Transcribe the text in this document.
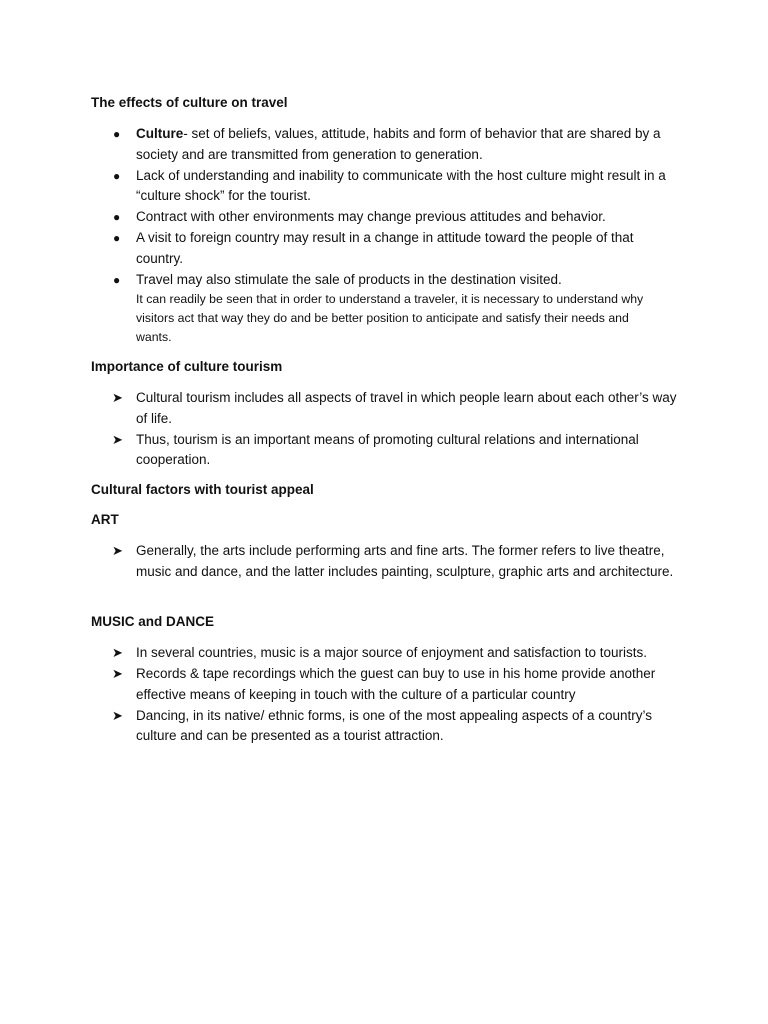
The effects of culture on travel
●	Culture- set of beliefs, values, attitude, habits and form of behavior that are shared by a society and are transmitted from generation to generation.
●	Lack of understanding and inability to communicate with the host culture might result in a “culture shock” for the tourist.
●	Contract with other environments may change previous attitudes and behavior.
●	A visit to foreign country may result in a change in attitude toward the people of that country.
●	Travel may also stimulate the sale of products in the destination visited.
It can readily be seen that in order to understand a traveler, it is necessary to understand why visitors act that way they do and be better position to anticipate and satisfy their needs and wants.
Importance of culture tourism
➤ Cultural tourism includes all aspects of travel in which people learn about each other’s way of life.
➤ Thus, tourism is an important means of promoting cultural relations and international cooperation.
Cultural factors with tourist appeal
ART
➤ Generally, the arts include performing arts and fine arts. The former refers to live theatre, music and dance, and the latter includes painting, sculpture, graphic arts and architecture.
MUSIC and DANCE
➤ In several countries, music is a major source of enjoyment and satisfaction to tourists.
➤ Records & tape recordings which the guest can buy to use in his home provide another effective means of keeping in touch with the culture of a particular country
➤ Dancing, in its native/ ethnic forms, is one of the most appealing aspects of a country’s culture and can be presented as a tourist attraction.
